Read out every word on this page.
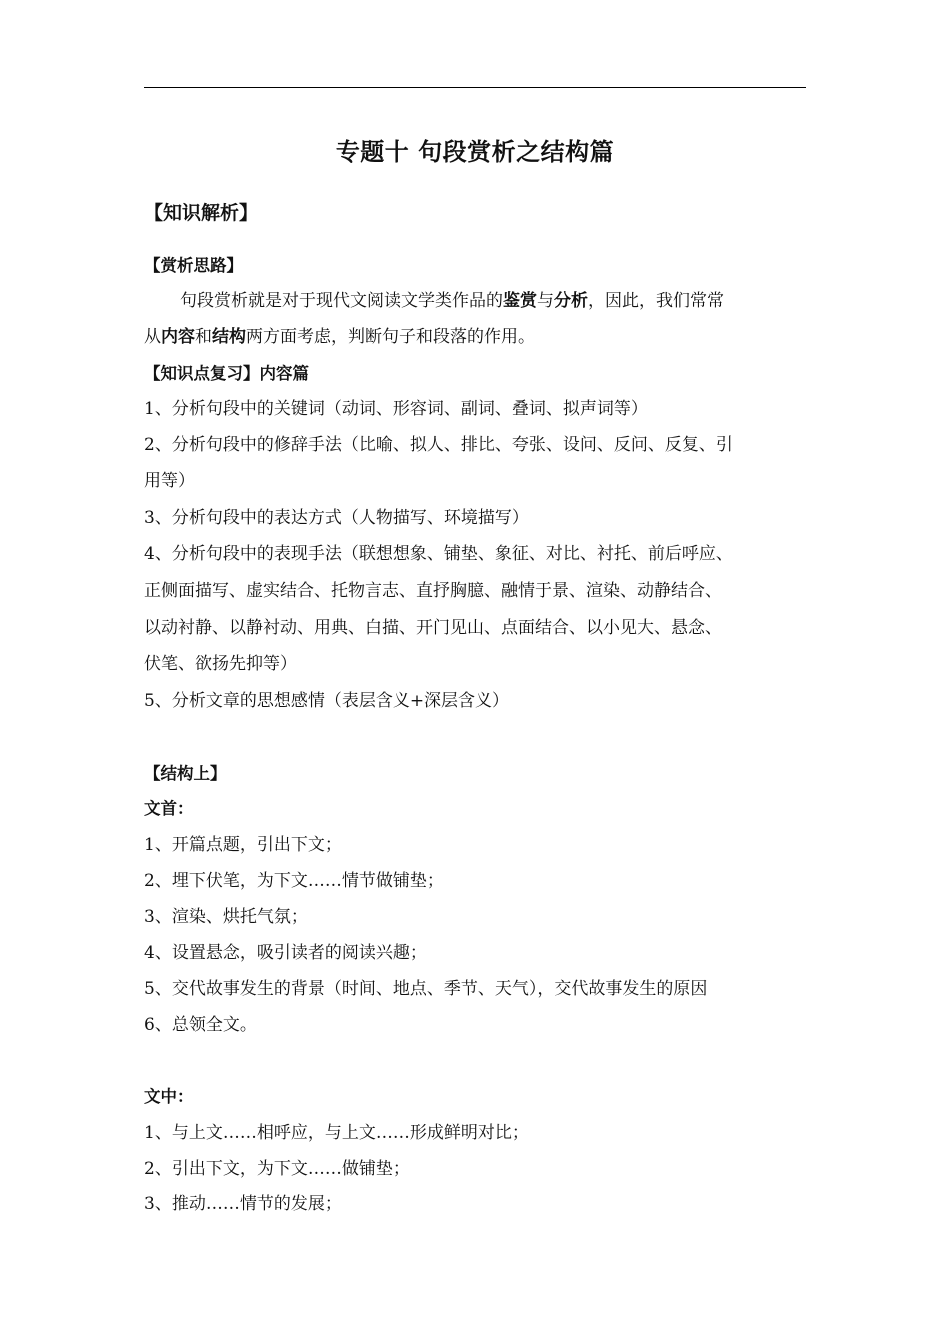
专题十 句段赏析之结构篇
【知识解析】
【赏析思路】
句段赏析就是对于现代文阅读文学类作品的鉴赏与分析，因此，我们常常
从内容和结构两方面考虑，判断句子和段落的作用。
【知识点复习】内容篇
1、分析句段中的关键词（动词、形容词、副词、叠词、拟声词等）
2、分析句段中的修辞手法（比喻、拟人、排比、夸张、设问、反问、反复、引
用等）
3、分析句段中的表达方式（人物描写、环境描写）
4、分析句段中的表现手法（联想想象、铺垫、象征、对比、衬托、前后呼应、
正侧面描写、虚实结合、托物言志、直抒胸臆、融情于景、渲染、动静结合、
以动衬静、以静衬动、用典、白描、开门见山、点面结合、以小见大、悬念、
伏笔、欲扬先抑等）
5、分析文章的思想感情（表层含义+深层含义）
【结构上】
文首：
1、开篇点题，引出下文；
2、埋下伏笔，为下文……情节做铺垫；
3、渲染、烘托气氛；
4、设置悬念，吸引读者的阅读兴趣；
5、交代故事发生的背景（时间、地点、季节、天气），交代故事发生的原因
6、总领全文。
文中：
1、与上文……相呼应，与上文……形成鲜明对比；
2、引出下文，为下文……做铺垫；
3、推动……情节的发展；
